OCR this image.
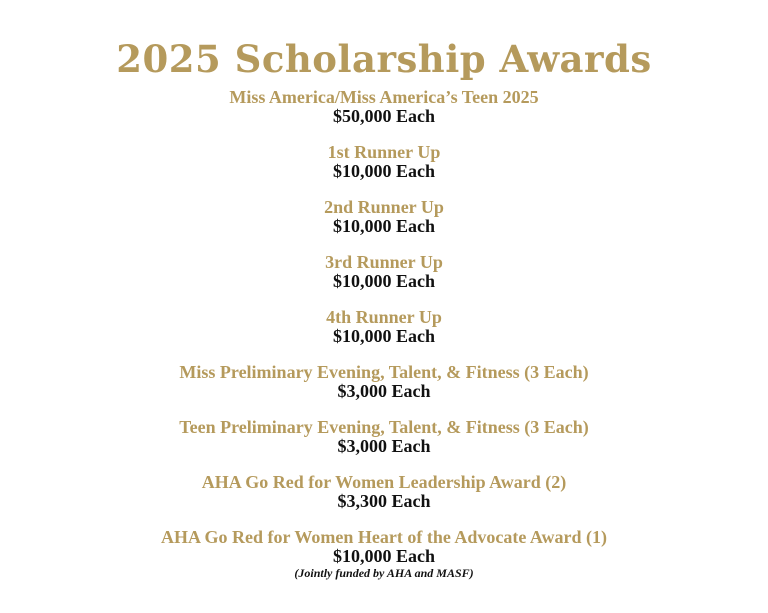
2025 Scholarship Awards
Miss America/Miss America’s Teen 2025
$50,000 Each
1st Runner Up
$10,000 Each
2nd Runner Up
$10,000 Each
3rd Runner Up
$10,000 Each
4th Runner Up
$10,000 Each
Miss Preliminary Evening, Talent, & Fitness (3 Each)
$3,000 Each
Teen Preliminary Evening, Talent, & Fitness (3 Each)
$3,000 Each
AHA Go Red for Women Leadership Award (2)
$3,300 Each
AHA Go Red for Women Heart of the Advocate Award (1)
$10,000 Each
(Jointly funded by AHA and MASF)
